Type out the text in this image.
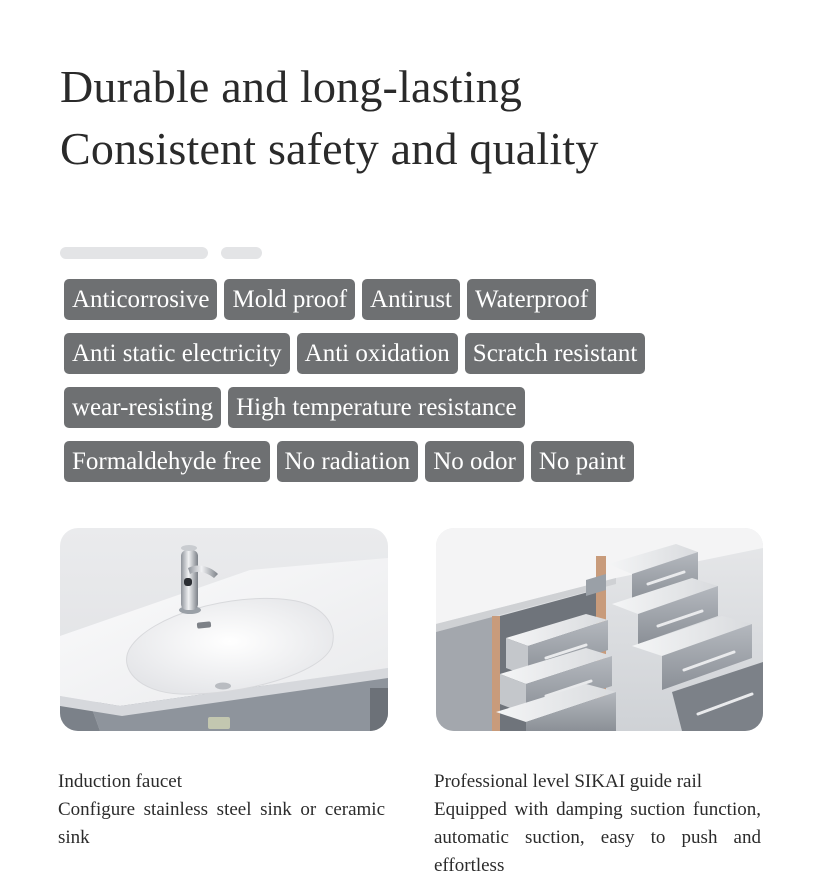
Durable and long-lasting
Consistent safety and quality
Anticorrosive Mold proof Antirust Waterproof
Anti static electricity Anti oxidation Scratch resistant
wear-resisting High temperature resistance
Formaldehyde free No radiation No odor No paint

Induction faucet

Configure stainless steel sink or ceramic sink

Professional level SIKAI guide rail

Equipped with damping suction function, automatic suction, easy to push and effortless
